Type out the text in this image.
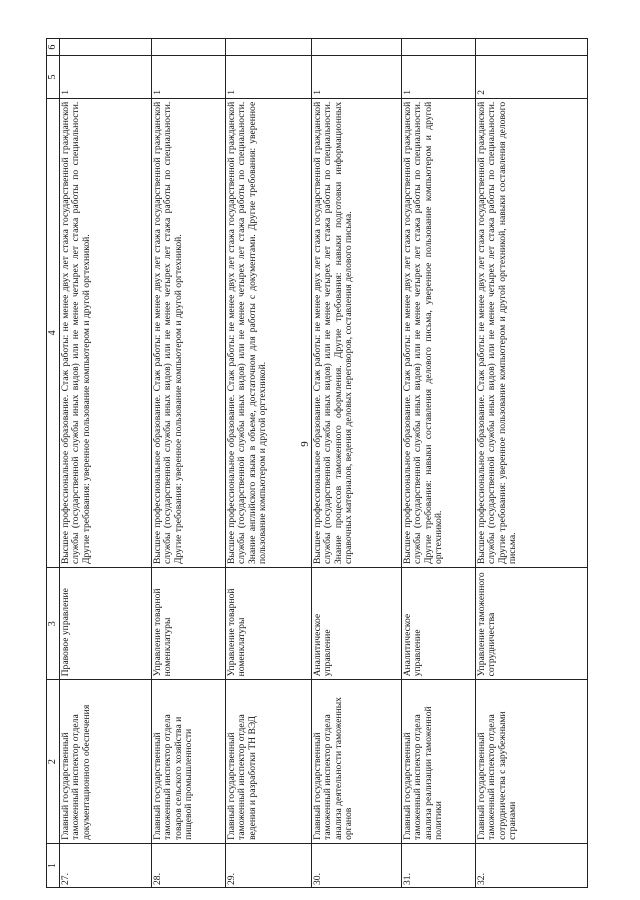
9
1	2	3	4	5	6
27.	Главный государственный таможенный инспектор отдела документационного обеспечения	Правовое управление	Высшее профессиональное образование. Стаж работы: не менее двух лет стажа государственной гражданской службы (государственной службы иных видов) или не менее четырех лет стажа работы по специальности. Другие требования: уверенное пользование компьютером и другой оргтехникой.	1	
28.	Главный государственный таможенный инспектор отдела товаров сельского хозяйства и пищевой промышленности	Управление товарной номенклатуры	Высшее профессиональное образование. Стаж работы: не менее двух лет стажа государственной гражданской службы (государственной службы иных видов) или не менее четырех лет стажа работы по специальности. Другие требования: уверенное пользование компьютером и другой оргтехникой.	1	
29.	Главный государственный таможенный инспектор отдела ведения и разработки ТН ВЭД	Управление товарной номенклатуры	Высшее профессиональное образование. Стаж работы: не менее двух лет стажа государственной гражданской службы (государственной службы иных видов) или не менее четырех лет стажа работы по специальности. Знание английского языка в объеме, достаточном для работы с документами. Другие требования: уверенное пользование компьютером и другой оргтехникой.	1	
30.	Главный государственный таможенный инспектор отдела анализа деятельности таможенных органов	Аналитическое управление	Высшее профессиональное образование. Стаж работы: не менее двух лет стажа государственной гражданской службы (государственной службы иных видов) или не менее четырех лет стажа работы по специальности. Знание процессов таможенного оформления. Другие требования: навыки подготовки информационных справочных материалов, ведения деловых переговоров, составления делового письма.	1	
31.	Главный государственный таможенный инспектор отдела анализа реализации таможенной политики	Аналитическое управление	Высшее профессиональное образование. Стаж работы: не менее двух лет стажа государственной гражданской службы (государственной службы иных видов) или не менее четырех лет стажа работы по специальности. Другие требования: навыки составления делового письма, уверенное пользование компьютером и другой оргтехникой.	1	
32.	Главный государственный таможенный инспектор отдела сотрудничества с зарубежными странами	Управление таможенного сотрудничества	Высшее профессиональное образование. Стаж работы: не менее двух лет стажа государственной гражданской службы (государственной службы иных видов) или не менее четырех лет стажа работы по специальности. Другие требования: уверенное пользование компьютером и другой оргтехникой, навыки составления делового письма.	2	
